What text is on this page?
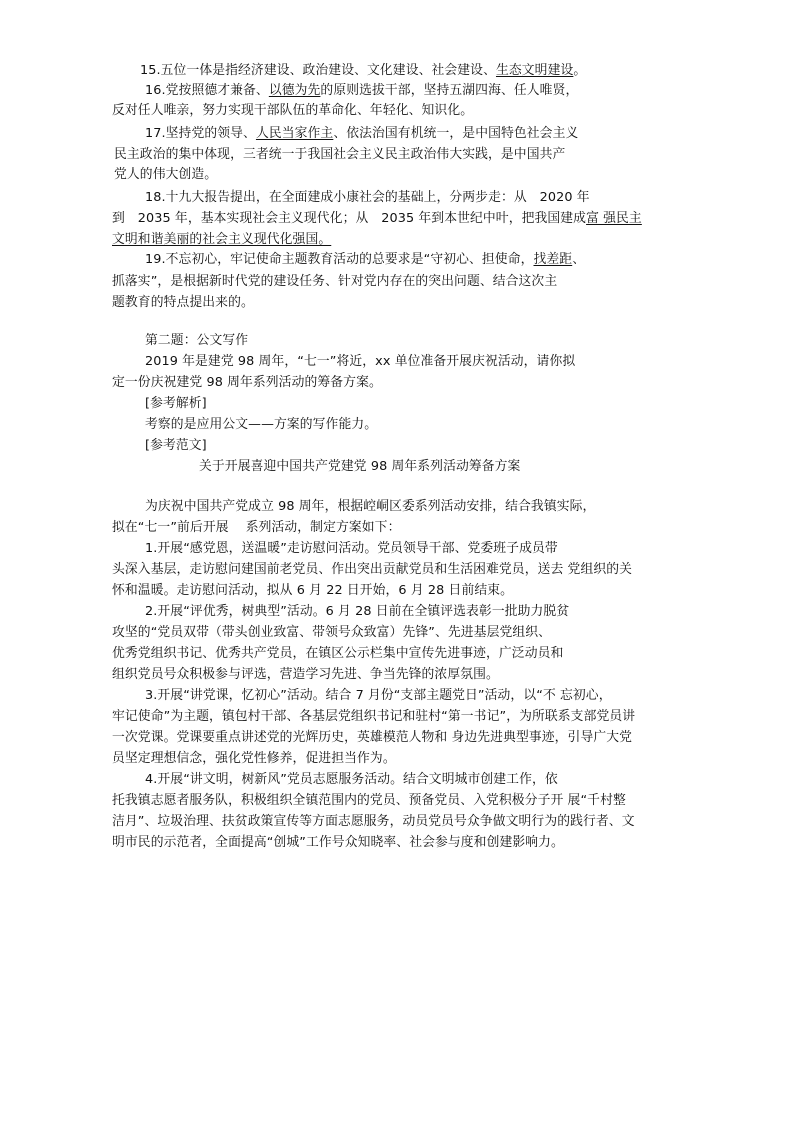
15.五位一体是指经济建设、政治建设、文化建设、社会建设、生态文明建设。
16.党按照德才兼备、以德为先的原则选拔干部，坚持五湖四海、任人唯贤，
反对任人唯亲，努力实现干部队伍的革命化、年轻化、知识化。
17.坚持党的领导、人民当家作主、依法治国有机统一，是中国特色社会主义
民主政治的集中体现，三者统一于我国社会主义民主政治伟大实践，是中国共产
党人的伟大创造。
18.十九大报告提出，在全面建成小康社会的基础上，分两步走：从　2020 年
到　2035 年，基本实现社会主义现代化；从　2035 年到本世纪中叶，把我国建成富 强民主
文明和谐美丽的社会主义现代化强国。
19.不忘初心，牢记使命主题教育活动的总要求是“守初心、担使命，找差距、
抓落实”，是根据新时代党的建设任务、针对党内存在的突出问题、结合这次主
题教育的特点提出来的。
第二题：公文写作
2019 年是建党 98 周年，“七一”将近，xx 单位准备开展庆祝活动，请你拟
定一份庆祝建党 98 周年系列活动的筹备方案。
[参考解析]
考察的是应用公文——方案的写作能力。
[参考范文]
关于开展喜迎中国共产党建党 98 周年系列活动筹备方案
为庆祝中国共产党成立 98 周年，根据崆峒区委系列活动安排，结合我镇实际，
拟在“七一”前后开展　 系列活动，制定方案如下：
1.开展“感党恩，送温暖”走访慰问活动。党员领导干部、党委班子成员带
头深入基层，走访慰问建国前老党员、作出突出贡献党员和生活困难党员，送去 党组织的关
怀和温暖。走访慰问活动，拟从 6 月 22 日开始，6 月 28 日前结束。
2.开展“评优秀，树典型”活动。6 月 28 日前在全镇评选表彰一批助力脱贫
攻坚的“党员双带（带头创业致富、带领号众致富）先锋”、先进基层党组织、
优秀党组织书记、优秀共产党员，在镇区公示栏集中宣传先进事迹，广泛动员和
组织党员号众积极参与评选，营造学习先进、争当先锋的浓厚氛围。
3.开展“讲党课，忆初心”活动。结合 7 月份“支部主题党日”活动，以“不 忘初心，
牢记使命”为主题，镇包村干部、各基层党组织书记和驻村“第一书记”，为所联系支部党员讲
一次党课。党课要重点讲述党的光辉历史，英雄模范人物和 身边先进典型事迹，引导广大党
员坚定理想信念，强化党性修养，促进担当作为。
4.开展“讲文明，树新风”党员志愿服务活动。结合文明城市创建工作，依
托我镇志愿者服务队，积极组织全镇范围内的党员、预备党员、入党积极分子开 展“千村整
洁月”、垃圾治理、扶贫政策宣传等方面志愿服务，动员党员号众争做文明行为的践行者、文
明市民的示范者，全面提高“创城”工作号众知晓率、社会参与度和创建影响力。
